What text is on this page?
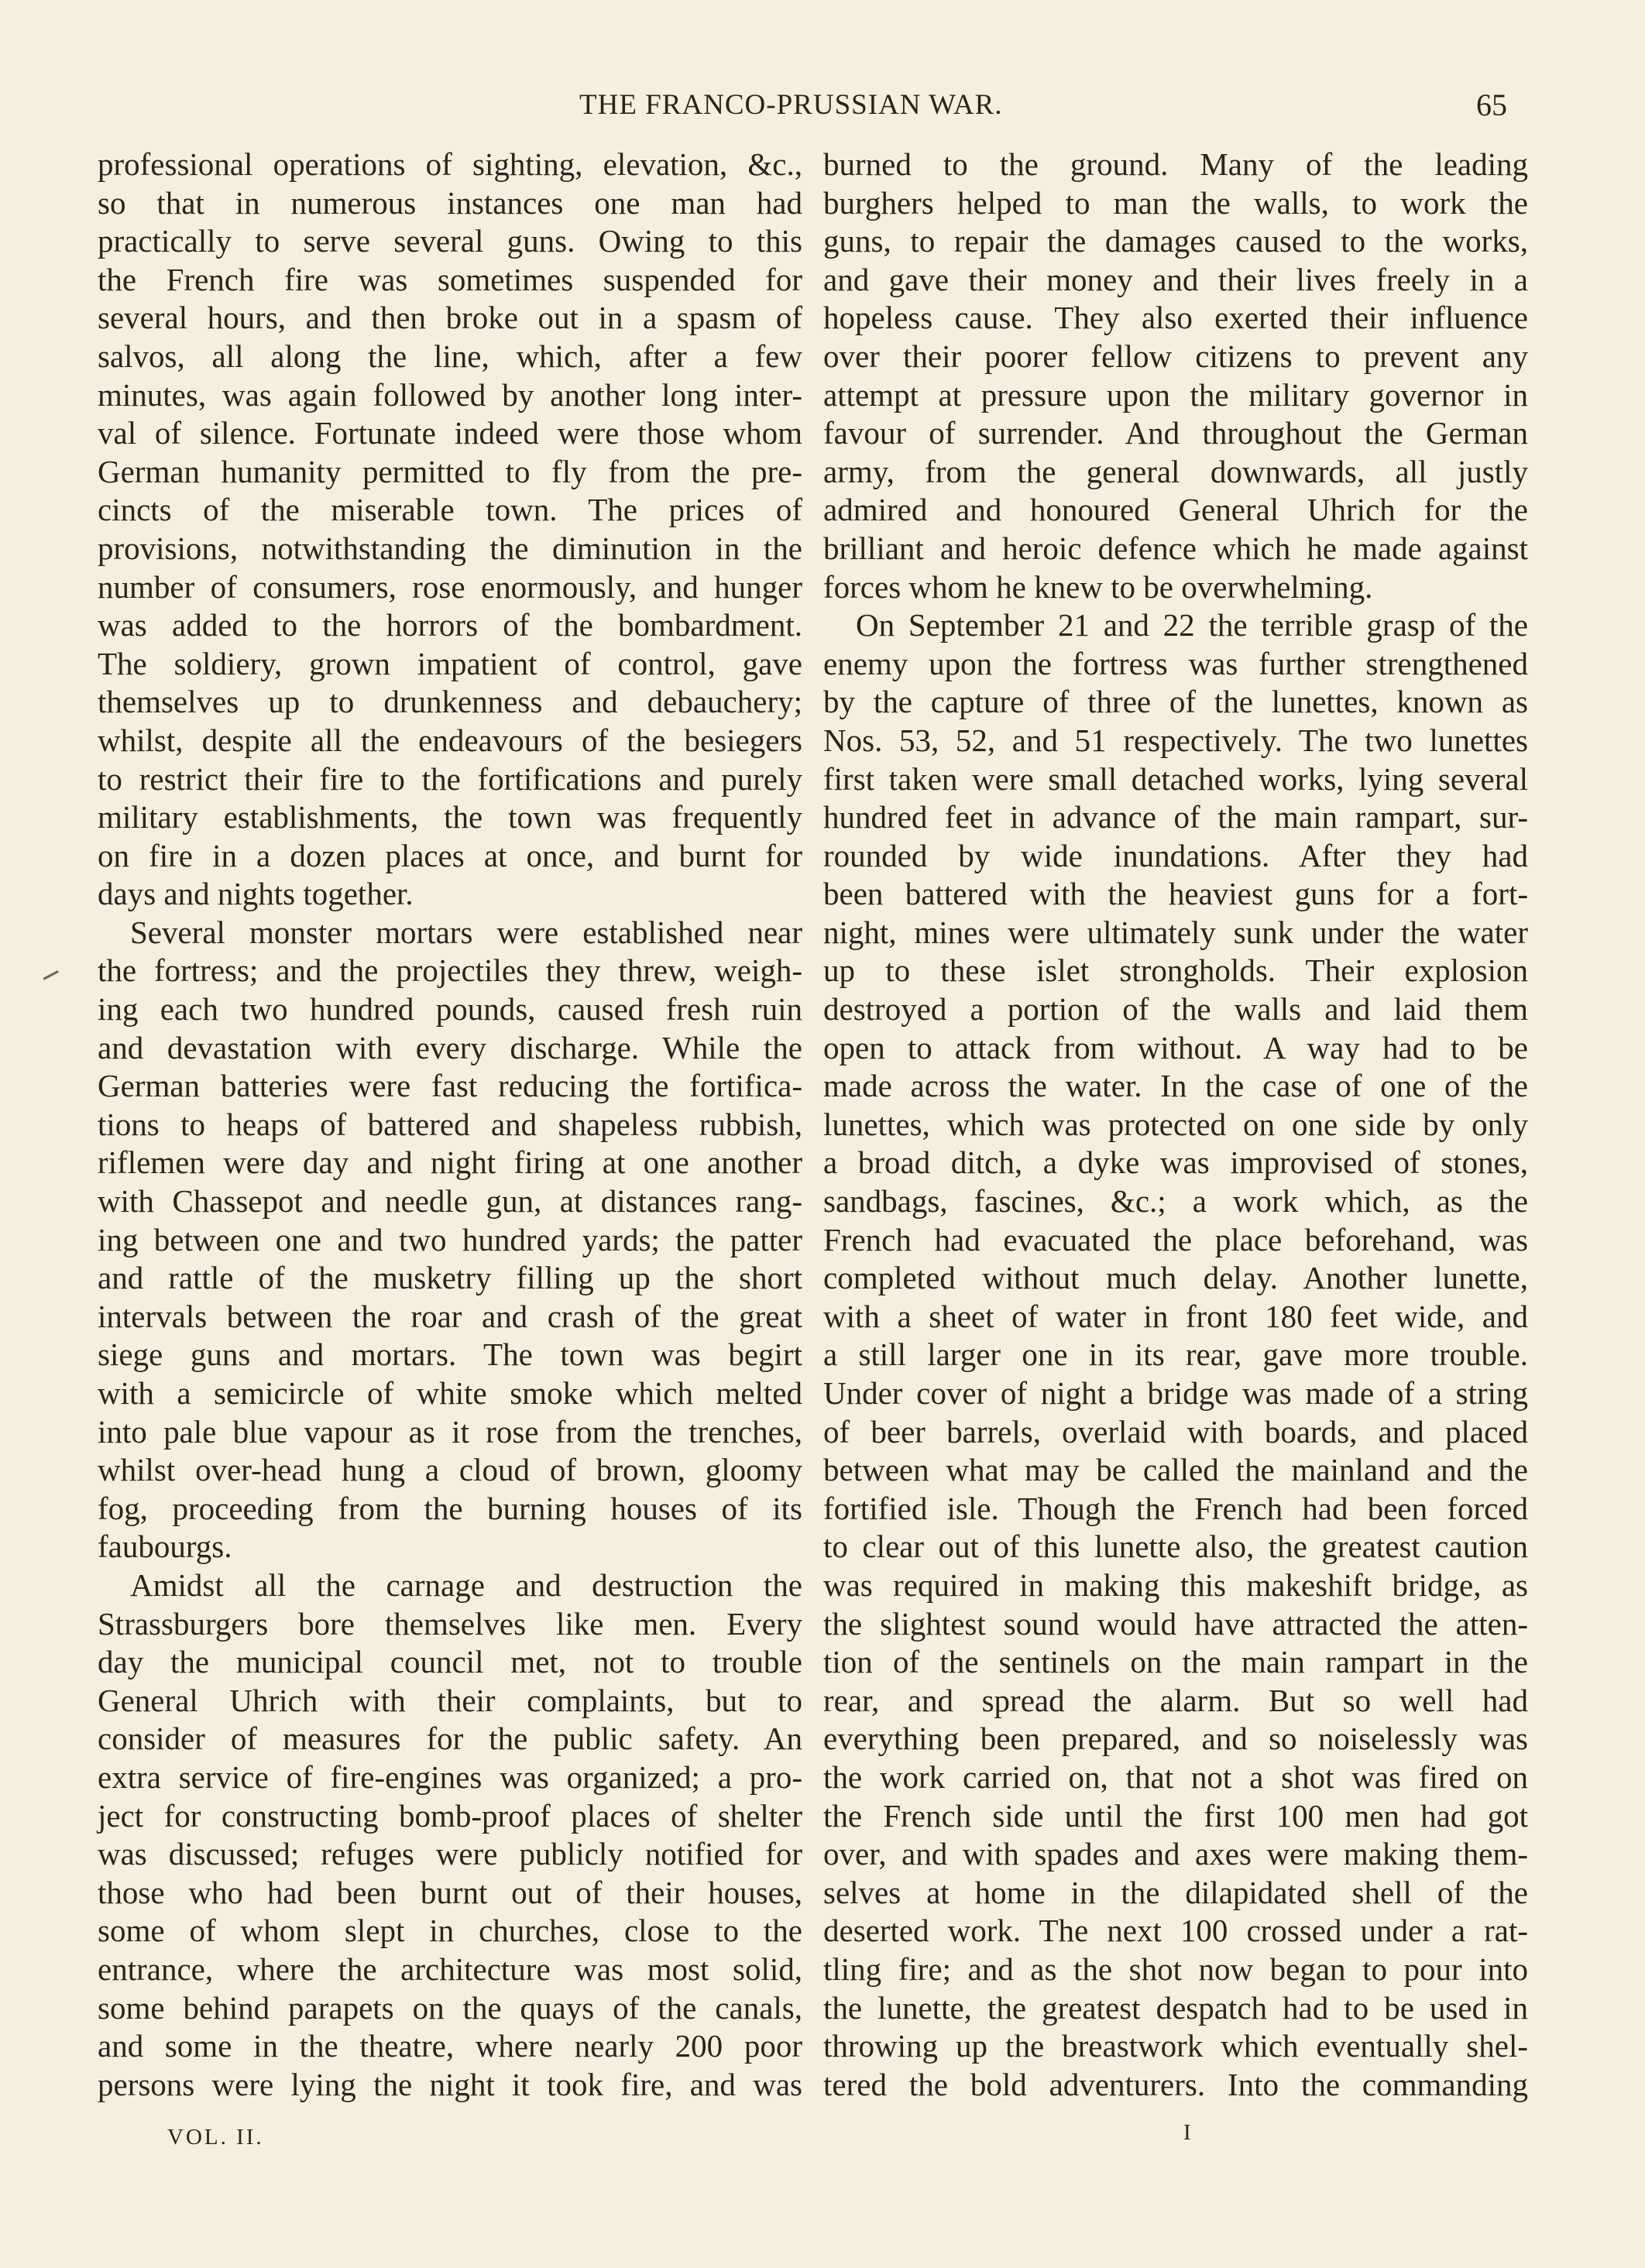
THE FRANCO-PRUSSIAN WAR.	65
professional operations of sighting, elevation, &c.,
so that in numerous instances one man had
practically to serve several guns. Owing to this
the French fire was sometimes suspended for
several hours, and then broke out in a spasm of
salvos, all along the line, which, after a few
minutes, was again followed by another long inter-
val of silence. Fortunate indeed were those whom
German humanity permitted to fly from the pre-
cincts of the miserable town. The prices of
provisions, notwithstanding the diminution in the
number of consumers, rose enormously, and hunger
was added to the horrors of the bombardment.
The soldiery, grown impatient of control, gave
themselves up to drunkenness and debauchery;
whilst, despite all the endeavours of the besiegers
to restrict their fire to the fortifications and purely
military establishments, the town was frequently
on fire in a dozen places at once, and burnt for
days and nights together.
Several monster mortars were established near
the fortress; and the projectiles they threw, weigh-
ing each two hundred pounds, caused fresh ruin
and devastation with every discharge. While the
German batteries were fast reducing the fortifica-
tions to heaps of battered and shapeless rubbish,
riflemen were day and night firing at one another
with Chassepot and needle gun, at distances rang-
ing between one and two hundred yards; the patter
and rattle of the musketry filling up the short
intervals between the roar and crash of the great
siege guns and mortars. The town was begirt
with a semicircle of white smoke which melted
into pale blue vapour as it rose from the trenches,
whilst over-head hung a cloud of brown, gloomy
fog, proceeding from the burning houses of its
faubourgs.
Amidst all the carnage and destruction the
Strassburgers bore themselves like men. Every
day the municipal council met, not to trouble
General Uhrich with their complaints, but to
consider of measures for the public safety. An
extra service of fire-engines was organized; a pro-
ject for constructing bomb-proof places of shelter
was discussed; refuges were publicly notified for
those who had been burnt out of their houses,
some of whom slept in churches, close to the
entrance, where the architecture was most solid,
some behind parapets on the quays of the canals,
and some in the theatre, where nearly 200 poor
persons were lying the night it took fire, and was
burned to the ground. Many of the leading
burghers helped to man the walls, to work the
guns, to repair the damages caused to the works,
and gave their money and their lives freely in a
hopeless cause. They also exerted their influence
over their poorer fellow citizens to prevent any
attempt at pressure upon the military governor in
favour of surrender. And throughout the German
army, from the general downwards, all justly
admired and honoured General Uhrich for the
brilliant and heroic defence which he made against
forces whom he knew to be overwhelming.
On September 21 and 22 the terrible grasp of the
enemy upon the fortress was further strengthened
by the capture of three of the lunettes, known as
Nos. 53, 52, and 51 respectively. The two lunettes
first taken were small detached works, lying several
hundred feet in advance of the main rampart, sur-
rounded by wide inundations. After they had
been battered with the heaviest guns for a fort-
night, mines were ultimately sunk under the water
up to these islet strongholds. Their explosion
destroyed a portion of the walls and laid them
open to attack from without. A way had to be
made across the water. In the case of one of the
lunettes, which was protected on one side by only
a broad ditch, a dyke was improvised of stones,
sandbags, fascines, &c.; a work which, as the
French had evacuated the place beforehand, was
completed without much delay. Another lunette,
with a sheet of water in front 180 feet wide, and
a still larger one in its rear, gave more trouble.
Under cover of night a bridge was made of a string
of beer barrels, overlaid with boards, and placed
between what may be called the mainland and the
fortified isle. Though the French had been forced
to clear out of this lunette also, the greatest caution
was required in making this makeshift bridge, as
the slightest sound would have attracted the atten-
tion of the sentinels on the main rampart in the
rear, and spread the alarm. But so well had
everything been prepared, and so noiselessly was
the work carried on, that not a shot was fired on
the French side until the first 100 men had got
over, and with spades and axes were making them-
selves at home in the dilapidated shell of the
deserted work. The next 100 crossed under a rat-
tling fire; and as the shot now began to pour into
the lunette, the greatest despatch had to be used in
throwing up the breastwork which eventually shel-
tered the bold adventurers. Into the commanding
VOL. II.	I
